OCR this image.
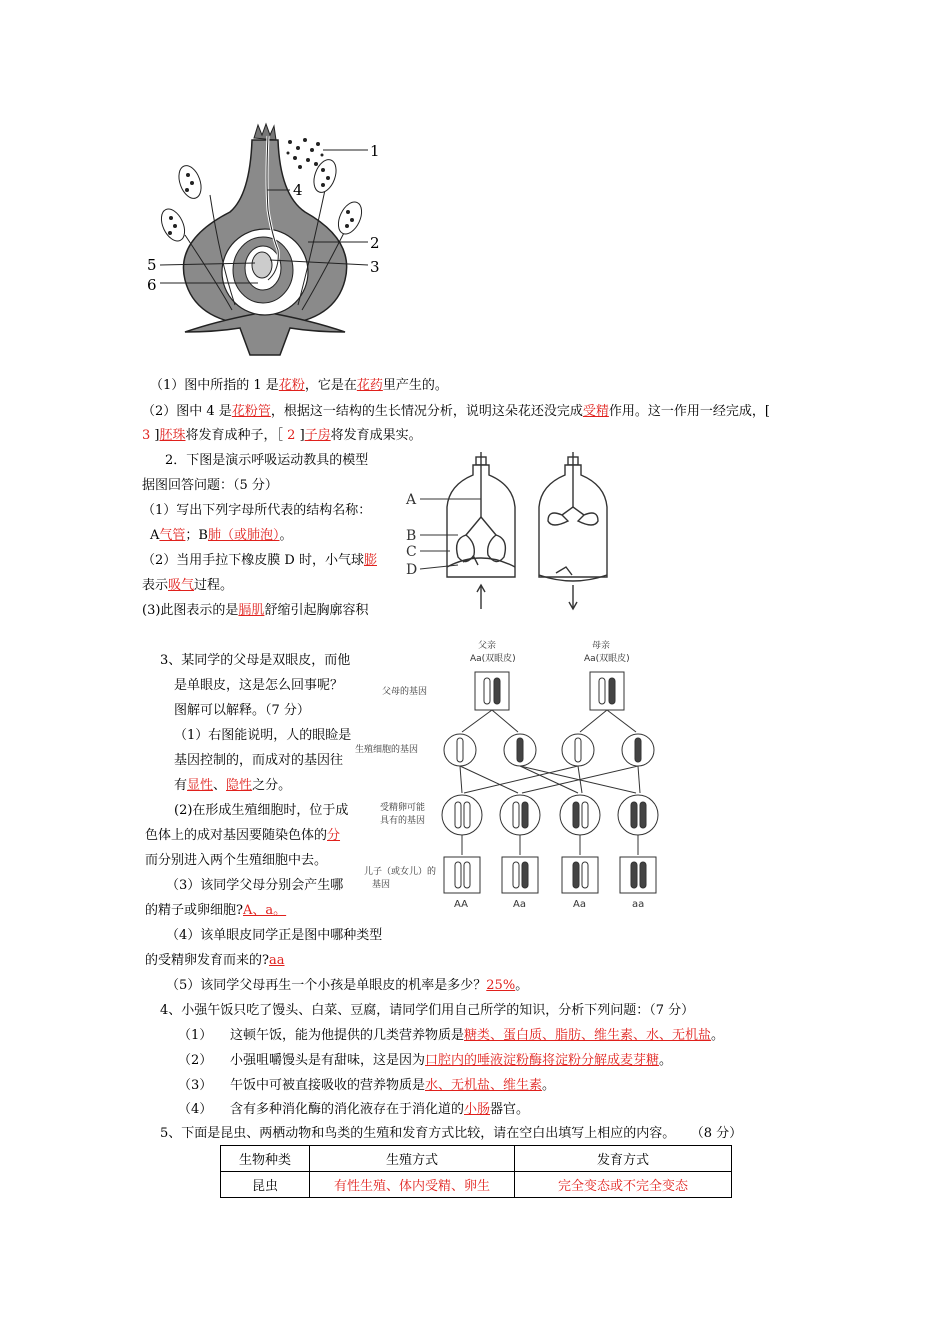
1
2
3
4
5
6
（1）图中所指的 1 是花粉，它是在花药里产生的。
（2）图中 4 是花粉管，根据这一结构的生长情况分析，说明这朵花还没完成受精作用。这一作用一经完成，[
3 ]胚珠将发育成种子，［ 2 ]子房将发育成果实。
2．下图是演示呼吸运动教具的模型
据图回答问题：（5 分）
（1）写出下列字母所代表的结构名称：
A气管；B肺（或肺泡）。
（2）当用手拉下橡皮膜 D 时，小气球膨
表示吸气过程。
(3)此图表示的是膈肌舒缩引起胸廓容积
A
B
C
D
3、某同学的父母是双眼皮，而他
是单眼皮，这是怎么回事呢？
图解可以解释。（7 分）
（1）右图能说明，人的眼睑是
基因控制的，而成对的基因往
有显性、隐性之分。
(2)在形成生殖细胞时，位于成
色体上的成对基因要随染色体的分
而分别进入两个生殖细胞中去。
（3）该同学父母分别会产生哪
的精子或卵细胞?A、a。
（4）该单眼皮同学正是图中哪种类型
的受精卵发育而来的?aa
（5）该同学父母再生一个小孩是单眼皮的机率是多少？25%。
父亲
Aa(双眼皮)
母亲
Aa(双眼皮)
父母的基因
生殖细胞的基因
受精卵可能
具有的基因
儿子（或女儿）的
基因
AA	Aa	Aa	aa
4、小强午饭只吃了馒头、白菜、豆腐，请同学们用自己所学的知识，分析下列问题：（7 分）
（1） 这顿午饭，能为他提供的几类营养物质是糖类、蛋白质、脂肪、维生素、水、无机盐。
（2） 小强咀嚼馒头是有甜味，这是因为口腔内的唾液淀粉酶将淀粉分解成麦芽糖。
（3） 午饭中可被直接吸收的营养物质是水、无机盐、维生素。
（4） 含有多种消化酶的消化液存在于消化道的小肠器官。
5、下面是昆虫、两栖动物和鸟类的生殖和发育方式比较，请在空白出填写上相应的内容。 （8 分）
生物种类	生殖方式	发育方式
昆虫	有性生殖、体内受精、卵生	完全变态或不完全变态
